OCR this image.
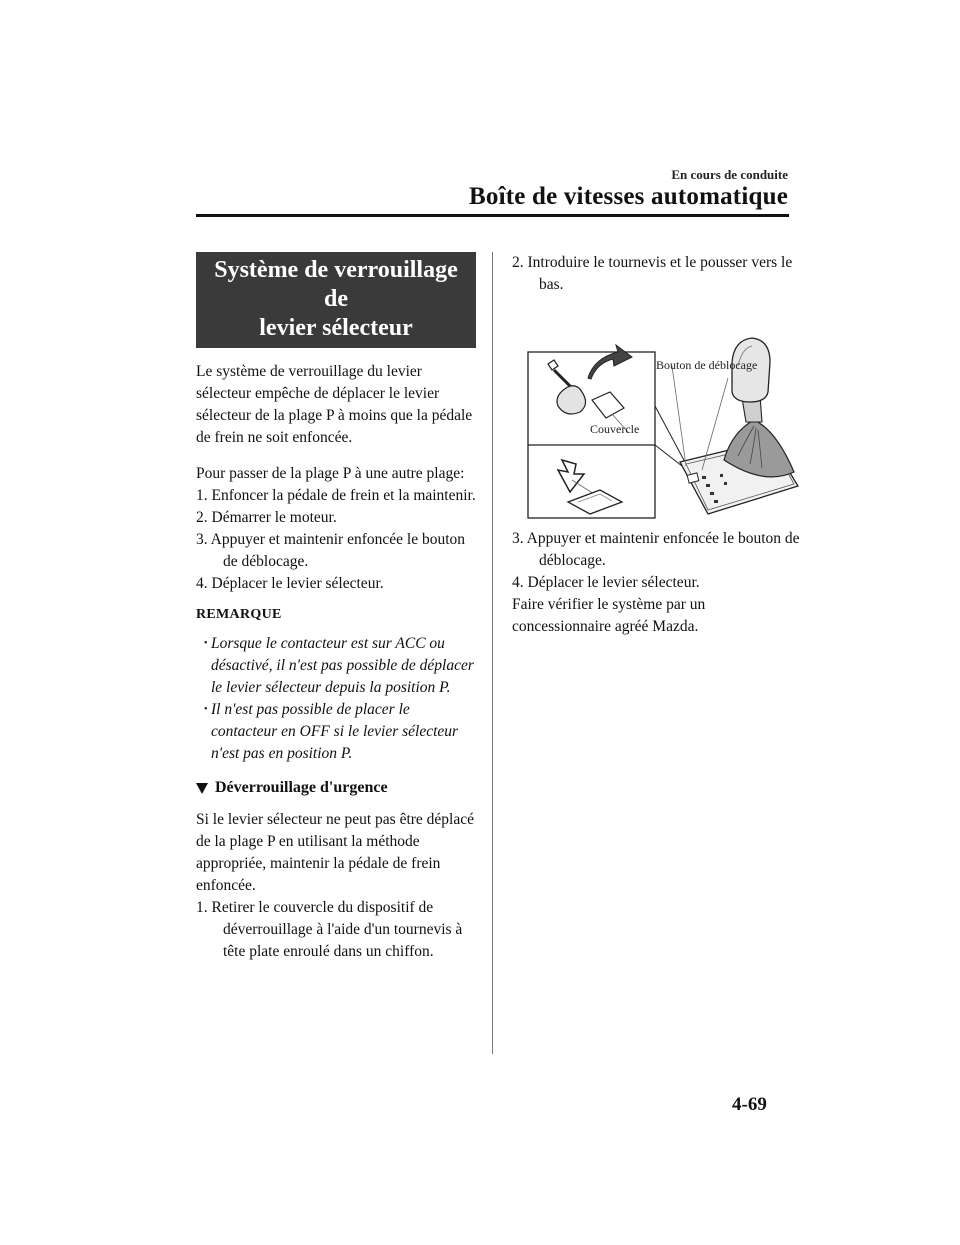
En cours de conduite
Boîte de vitesses automatique
Système de verrouillage de
levier sélecteur

Le système de verrouillage du levier sélecteur empêche de déplacer le levier sélecteur de la plage P à moins que la pédale de frein ne soit enfoncée.

Pour passer de la plage P à une autre plage:

1. Enfoncer la pédale de frein et la maintenir.
2. Démarrer le moteur.
3. Appuyer et maintenir enfoncée le bouton de déblocage.
4. Déplacer le levier sélecteur.
REMARQUE
• Lorsque le contacteur est sur ACC ou désactivé, il n'est pas possible de déplacer le levier sélecteur depuis la position P.
• Il n'est pas possible de placer le contacteur en OFF si le levier sélecteur n'est pas en position P.
Déverrouillage d'urgence

Si le levier sélecteur ne peut pas être déplacé de la plage P en utilisant la méthode appropriée, maintenir la pédale de frein enfoncée.

1. Retirer le couvercle du dispositif de déverrouillage à l'aide d'un tournevis à tête plate enroulé dans un chiffon.
2. Introduire le tournevis et le pousser vers le bas.
Bouton de déblocage
Couvercle
3. Appuyer et maintenir enfoncée le bouton de déblocage.
4. Déplacer le levier sélecteur.

Faire vérifier le système par un concessionnaire agréé Mazda.

4-69
